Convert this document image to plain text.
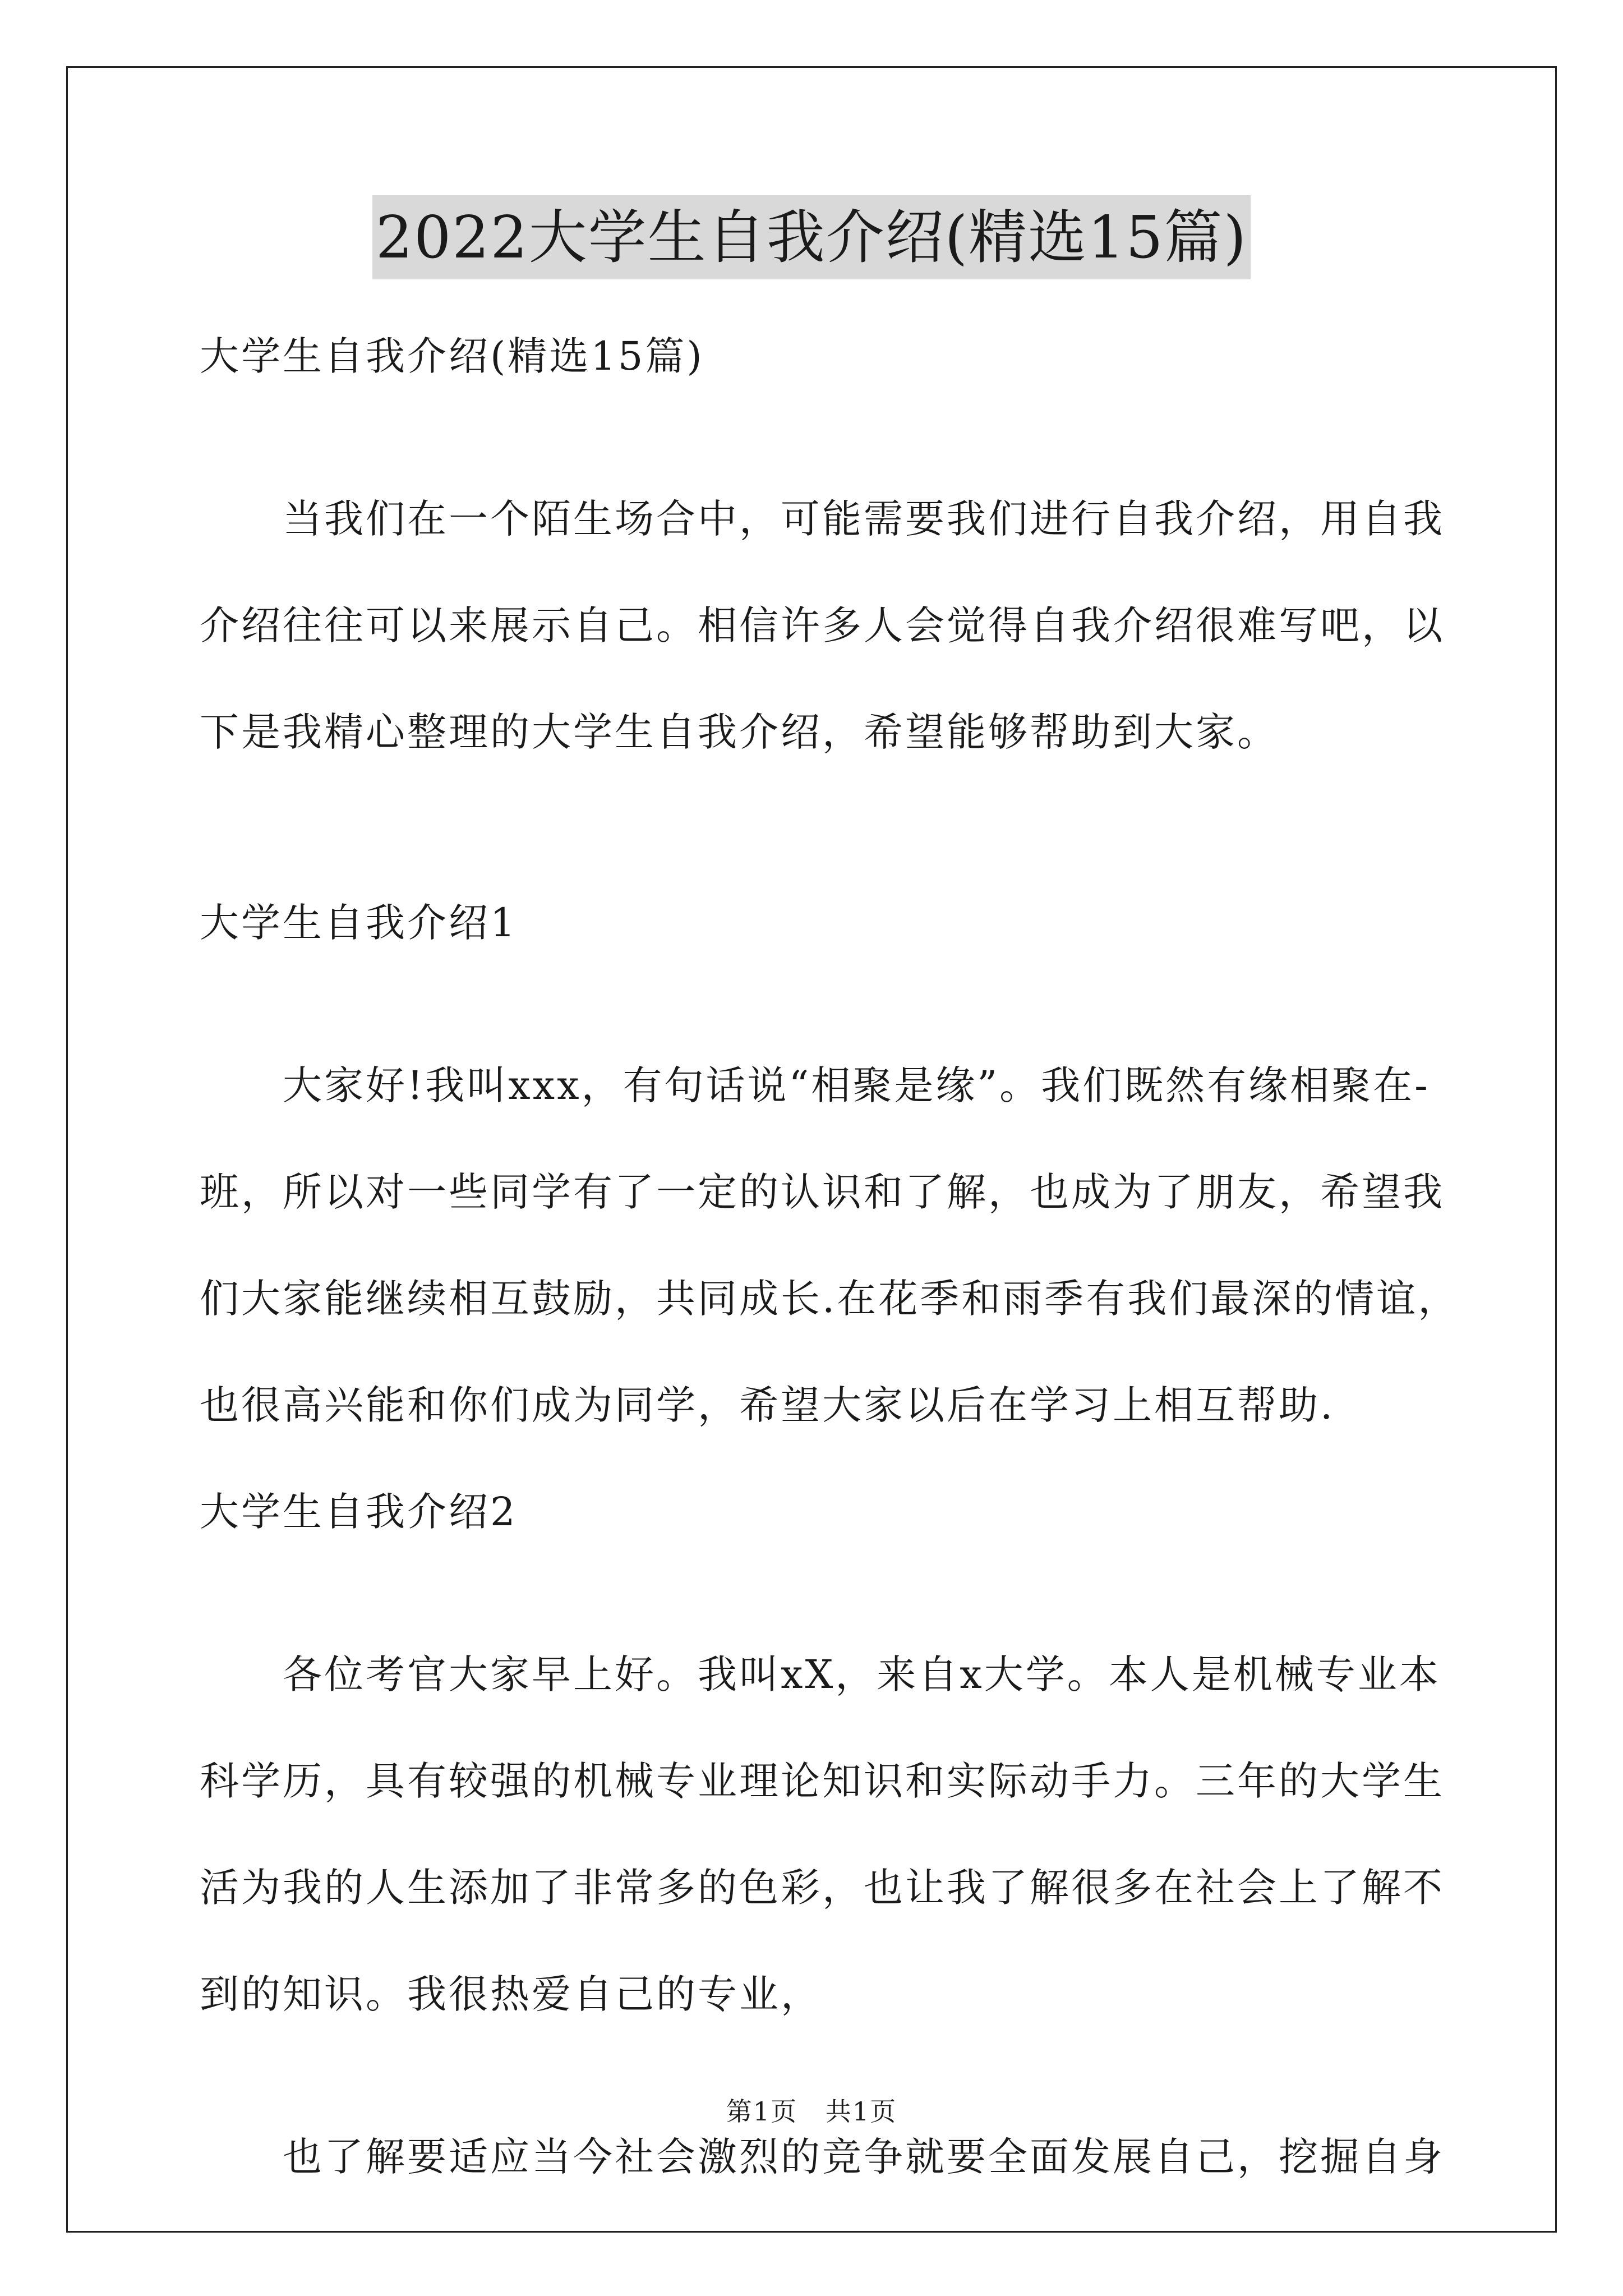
2022大学生自我介绍(精选15篇)
大学生自我介绍(精选15篇)
当我们在一个陌生场合中，可能需要我们进行自我介绍，用自我
介绍往往可以来展示自己。相信许多人会觉得自我介绍很难写吧，以
下是我精心整理的大学生自我介绍，希望能够帮助到大家。
大学生自我介绍1
大家好!我叫xxx，有句话说“相聚是缘”。我们既然有缘相聚在-
班，所以对一些同学有了一定的认识和了解，也成为了朋友，希望我
们大家能继续相互鼓励，共同成长.在花季和雨季有我们最深的情谊，
也很高兴能和你们成为同学，希望大家以后在学习上相互帮助.
大学生自我介绍2
各位考官大家早上好。我叫xX，来自x大学。本人是机械专业本
科学历，具有较强的机械专业理论知识和实际动手力。三年的大学生
活为我的人生添加了非常多的色彩，也让我了解很多在社会上了解不
到的知识。我很热爱自己的专业，
也了解要适应当今社会激烈的竞争就要全面发展自己，挖掘自身
第1页   共1页
